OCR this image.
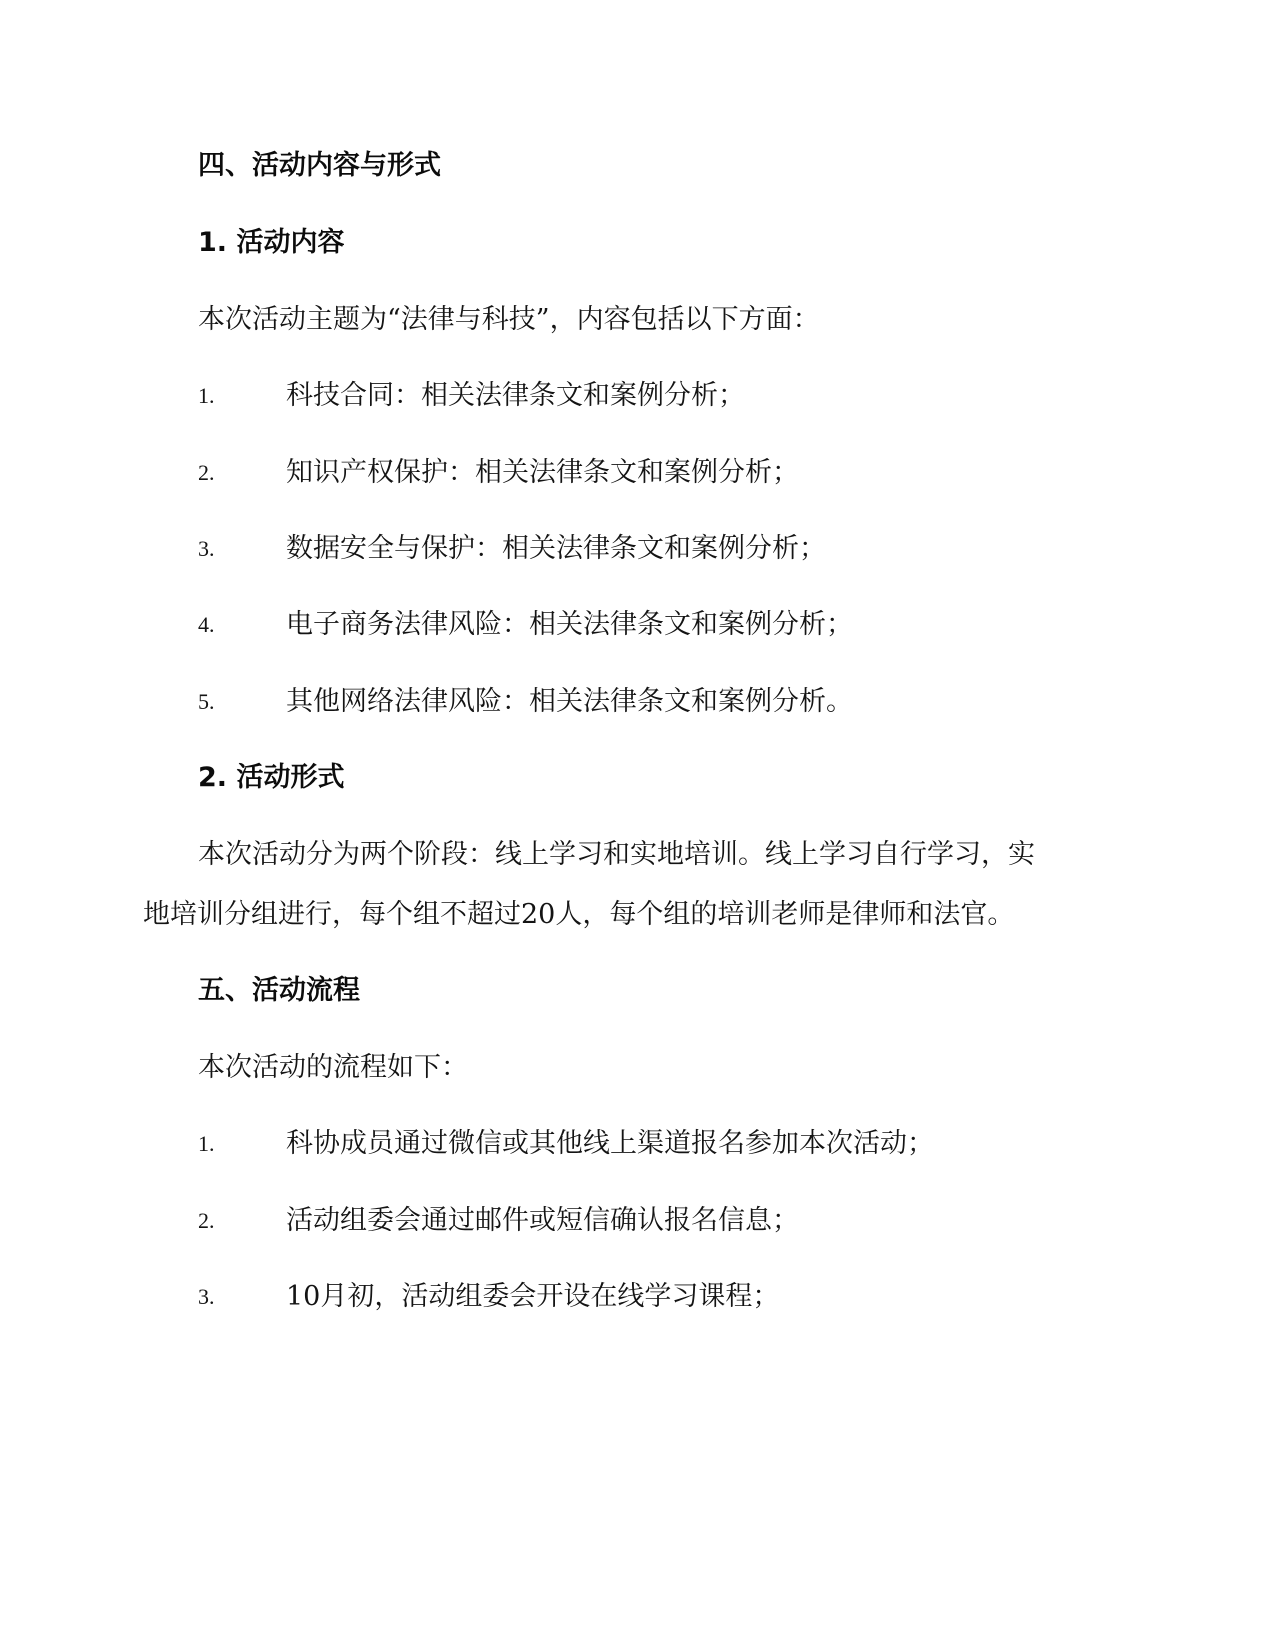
四、活动内容与形式
1. 活动内容
本次活动主题为“法律与科技”，内容包括以下方面：
1.	科技合同：相关法律条文和案例分析；
2.	知识产权保护：相关法律条文和案例分析；
3.	数据安全与保护：相关法律条文和案例分析；
4.	电子商务法律风险：相关法律条文和案例分析；
5.	其他网络法律风险：相关法律条文和案例分析。
2. 活动形式
本次活动分为两个阶段：线上学习和实地培训。线上学习自行学习，实
地培训分组进行，每个组不超过20人，每个组的培训老师是律师和法官。
五、活动流程
本次活动的流程如下：
1.	科协成员通过微信或其他线上渠道报名参加本次活动；
2.	活动组委会通过邮件或短信确认报名信息；
3.	10月初，活动组委会开设在线学习课程；
